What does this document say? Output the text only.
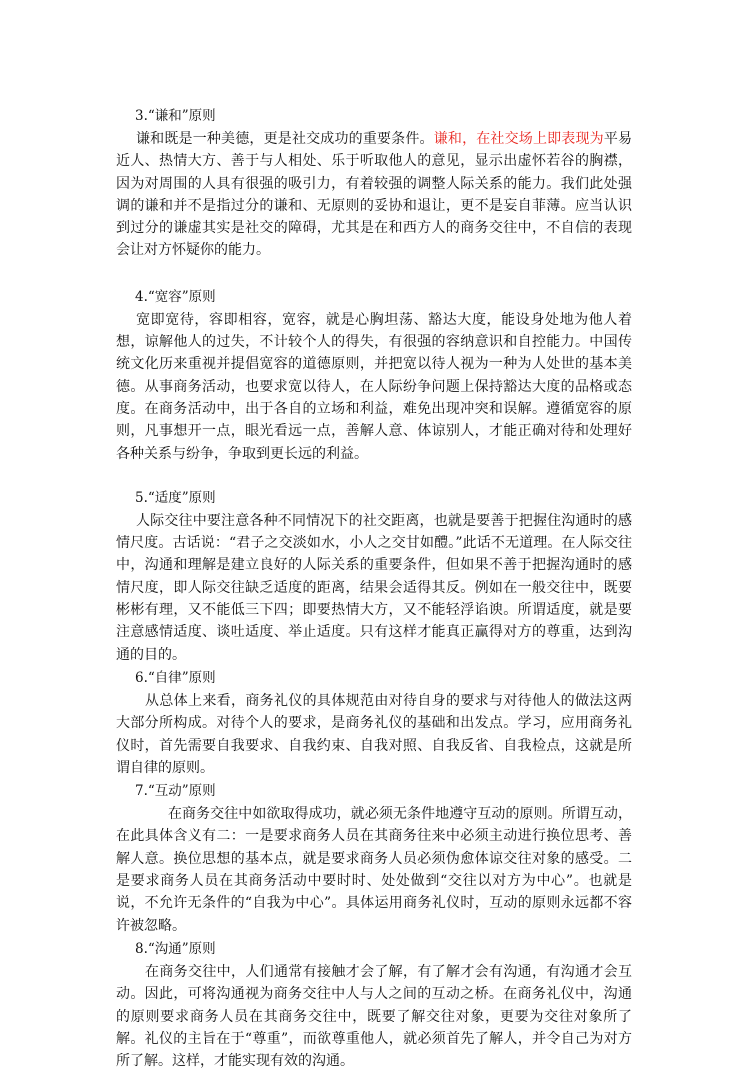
3.“谦和”原则

谦和既是一种美德，更是社交成功的重要条件。谦和，在社交场上即表现为平易近人、热情大方、善于与人相处、乐于听取他人的意见，显示出虚怀若谷的胸襟，因为对周围的人具有很强的吸引力，有着较强的调整人际关系的能力。我们此处强调的谦和并不是指过分的谦和、无原则的妥协和退让，更不是妄自菲薄。应当认识到过分的谦虚其实是社交的障碍，尤其是在和西方人的商务交往中，不自信的表现会让对方怀疑你的能力。

4.“宽容”原则

宽即宽待，容即相容，宽容，就是心胸坦荡、豁达大度，能设身处地为他人着想，谅解他人的过失，不计较个人的得失，有很强的容纳意识和自控能力。中国传统文化历来重视并提倡宽容的道德原则，并把宽以待人视为一种为人处世的基本美德。从事商务活动，也要求宽以待人，在人际纷争问题上保持豁达大度的品格或态度。在商务活动中，出于各自的立场和利益，难免出现冲突和误解。遵循宽容的原则，凡事想开一点，眼光看远一点，善解人意、体谅别人，才能正确对待和处理好各种关系与纷争，争取到更长远的利益。

5.“适度”原则

人际交往中要注意各种不同情况下的社交距离，也就是要善于把握住沟通时的感情尺度。古话说：“君子之交淡如水，小人之交甘如醴。”此话不无道理。在人际交往中，沟通和理解是建立良好的人际关系的重要条件，但如果不善于把握沟通时的感情尺度，即人际交往缺乏适度的距离，结果会适得其反。例如在一般交往中，既要彬彬有理，又不能低三下四；即要热情大方，又不能轻浮谄谀。所谓适度，就是要注意感情适度、谈吐适度、举止适度。只有这样才能真正赢得对方的尊重，达到沟通的目的。

6.“自律”原则

从总体上来看，商务礼仪的具体规范由对待自身的要求与对待他人的做法这两大部分所构成。对待个人的要求，是商务礼仪的基础和出发点。学习，应用商务礼仪时，首先需要自我要求、自我约束、自我对照、自我反省、自我检点，这就是所谓自律的原则。

7.“互动”原则

在商务交往中如欲取得成功，就必须无条件地遵守互动的原则。所谓互动，在此具体含义有二：一是要求商务人员在其商务往来中必须主动进行换位思考、善解人意。换位思想的基本点，就是要求商务人员必须伪愈体谅交往对象的感受。二是要求商务人员在其商务活动中要时时、处处做到“交往以对方为中心”。也就是说，不允许无条件的“自我为中心”。具体运用商务礼仪时，互动的原则永远都不容许被忽略。

8.“沟通”原则

在商务交往中，人们通常有接触才会了解，有了解才会有沟通，有沟通才会互动。因此，可将沟通视为商务交往中人与人之间的互动之桥。在商务礼仪中，沟通的原则要求商务人员在其商务交往中，既要了解交往对象，更要为交往对象所了解。礼仪的主旨在于“尊重”，而欲尊重他人，就必须首先了解人，并令自己为对方所了解。这样，才能实现有效的沟通。
